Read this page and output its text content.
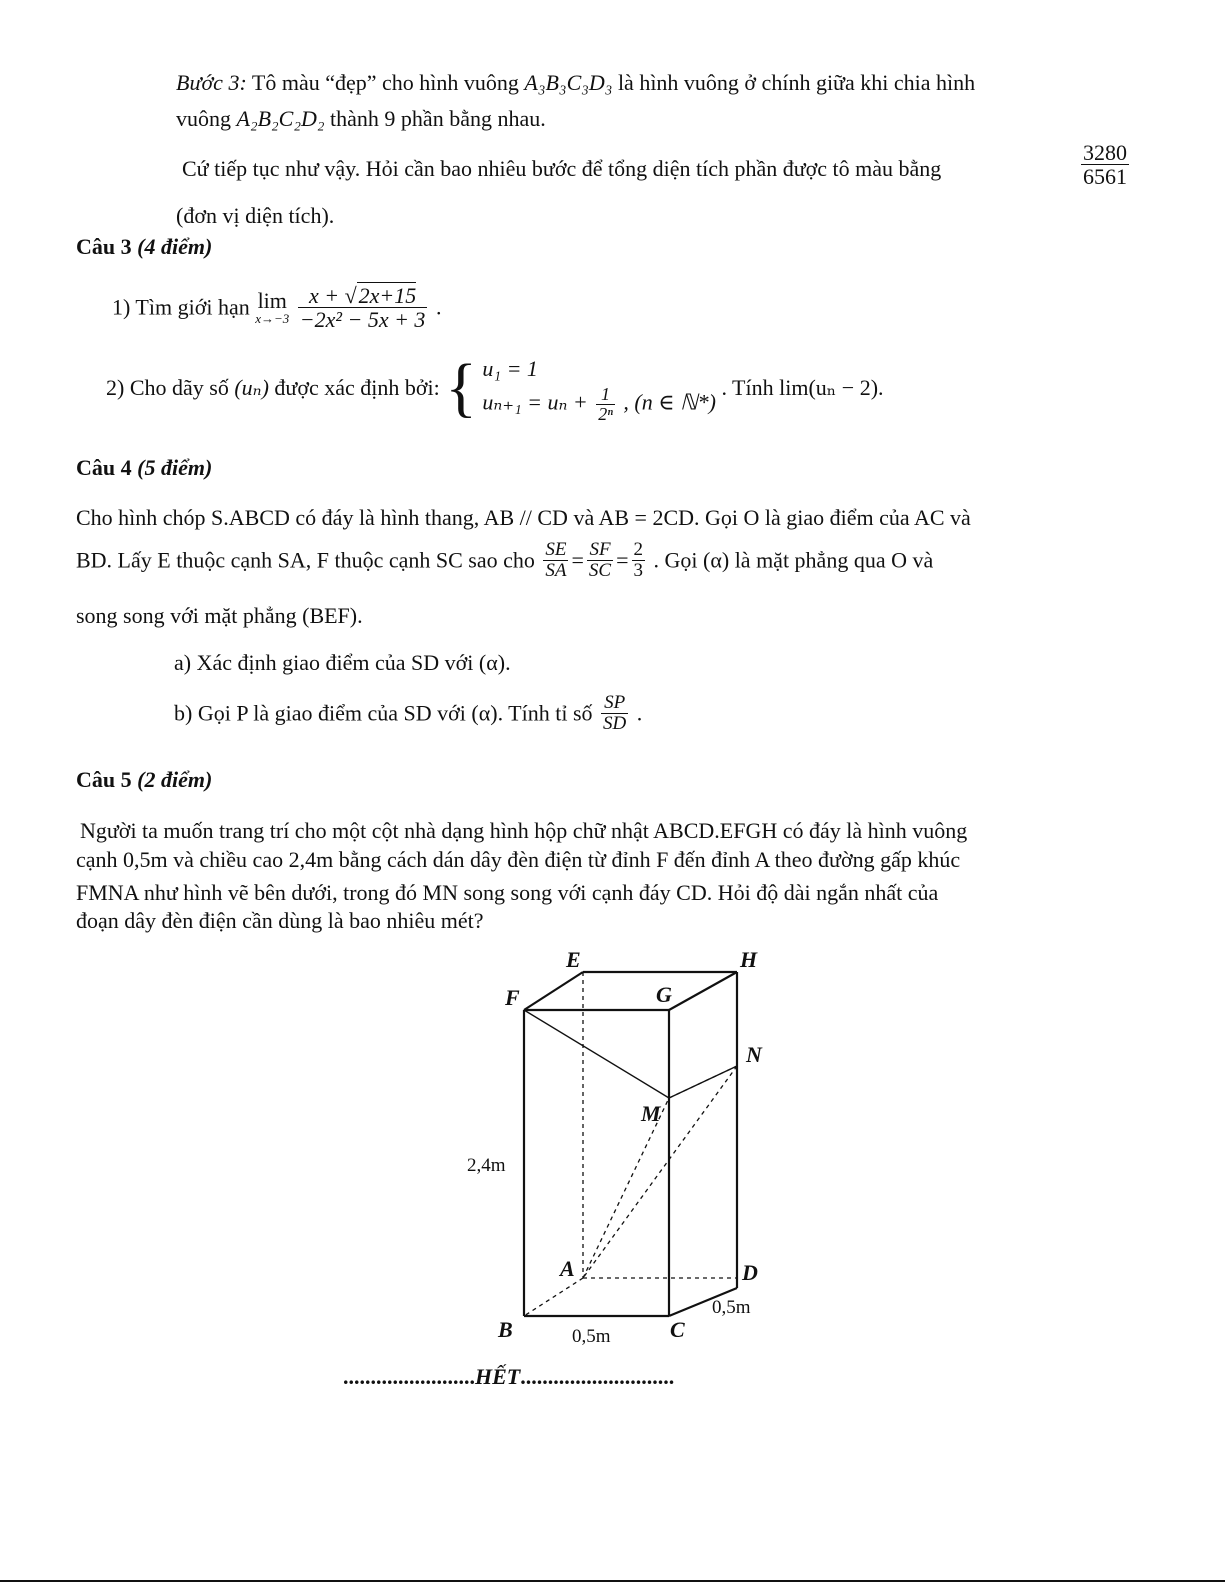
Bước 3: Tô màu “đẹp” cho hình vuông A₃B₃C₃D₃ là hình vuông ở chính giữa khi chia hình
vuông A₂B₂C₂D₂ thành 9 phần bằng nhau.
Cứ tiếp tục như vậy. Hỏi cần bao nhiêu bước để tổng diện tích phần được tô màu bằng	$\frac{3280}{6561}$
(đơn vị diện tích).
Câu 3 (4 điểm)
1) Tìm giới hạn lim
x→−3
$\frac{x + √2x+15}{\text{−2x² − 5x + 3}}$ .
2) Cho dãy số (uₙ) được xác định bởi: { u₁ = 1
$u_{n+1} = u_n + \frac{1}{\text{2ⁿ}}$ , (n ∈ ℕ*)
. Tính lim(uₙ − 2).
Câu 4 (5 điểm)
Cho hình chóp S.ABCD có đáy là hình thang, AB // CD và AB = 2CD. Gọi O là giao điểm của AC và
BD. Lấy E thuộc cạnh SA, F thuộc cạnh SC sao cho $\frac{SE}{SA} = \frac{SF}{SC} = \frac{2}{3}$ . Gọi (α) là mặt phẳng qua O và
song song với mặt phẳng (BEF).
a) Xác định giao điểm của SD với (α).
b) Gọi P là giao điểm của SD với (α). Tính tỉ số $\frac{SP}{SD}$ .
Câu 5 (2 điểm)
Người ta muốn trang trí cho một cột nhà dạng hình hộp chữ nhật ABCD.EFGH có đáy là hình vuông
cạnh 0,5m và chiều cao 2,4m bằng cách dán dây đèn điện từ đỉnh F đến đỉnh A theo đường gấp khúc
FMNA như hình vẽ bên dưới, trong đó MN song song với cạnh đáy CD. Hỏi độ dài ngắn nhất của
đoạn dây đèn điện cần dùng là bao nhiêu mét?
E	H
F	G
N
M
A	D
B	C
2,4m
0,5m
0,5m
........................HẾT............................
